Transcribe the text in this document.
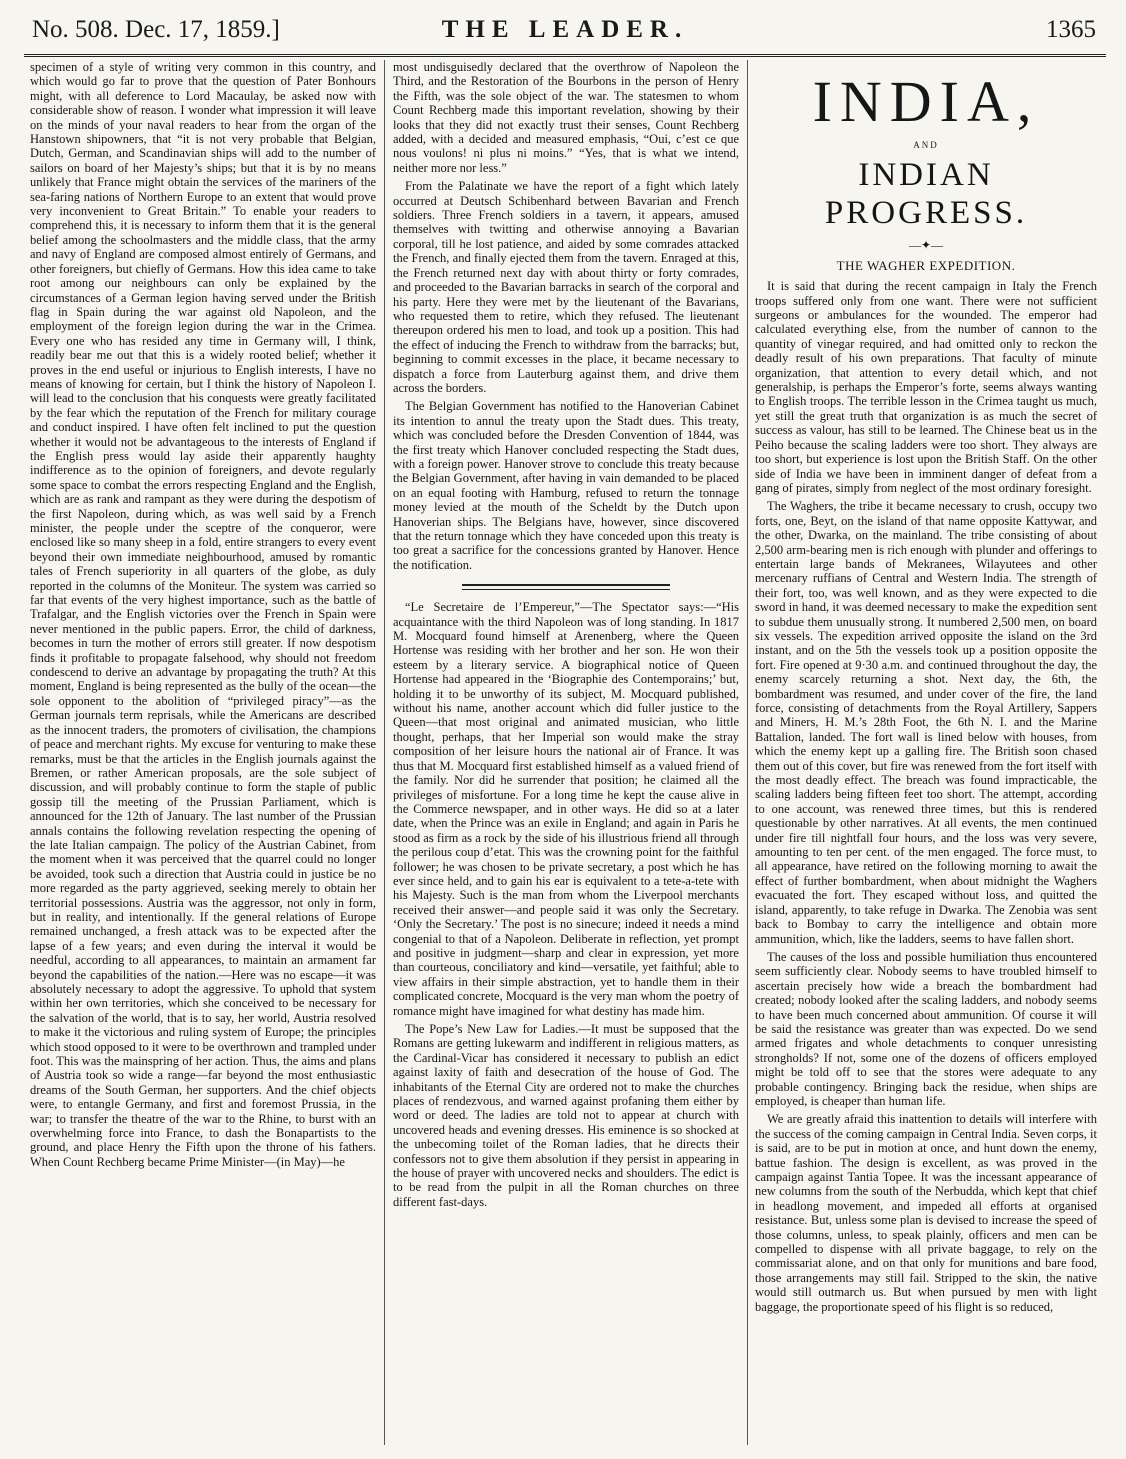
No. 508. Dec. 17, 1859.]	THE LEADER.	1365

specimen of a style of writing very common in this country, and which would go far to prove that the question of Pater Bonhours might, with all deference to Lord Macaulay, be asked now with considerable show of reason. I wonder what impression it will leave on the minds of your naval readers to hear from the organ of the Hanstown shipowners, that “it is not very probable that Belgian, Dutch, German, and Scandinavian ships will add to the number of sailors on board of her Majesty’s ships; but that it is by no means unlikely that France might obtain the services of the mariners of the sea-faring nations of Northern Europe to an extent that would prove very inconvenient to Great Britain.” To enable your readers to comprehend this, it is necessary to inform them that it is the general belief among the schoolmasters and the middle class, that the army and navy of England are composed almost entirely of Germans, and other foreigners, but chiefly of Germans. How this idea came to take root among our neighbours can only be explained by the circumstances of a German legion having served under the British flag in Spain during the war against old Napoleon, and the employment of the foreign legion during the war in the Crimea. Every one who has resided any time in Germany will, I think, readily bear me out that this is a widely rooted belief; whether it proves in the end useful or injurious to English interests, I have no means of knowing for certain, but I think the history of Napoleon I. will lead to the conclusion that his conquests were greatly facilitated by the fear which the reputation of the French for military courage and conduct inspired. I have often felt inclined to put the question whether it would not be advantageous to the interests of England if the English press would lay aside their apparently haughty indifference as to the opinion of foreigners, and devote regularly some space to combat the errors respecting England and the English, which are as rank and rampant as they were during the despotism of the first Napoleon, during which, as was well said by a French minister, the people under the sceptre of the conqueror, were enclosed like so many sheep in a fold, entire strangers to every event beyond their own immediate neighbourhood, amused by romantic tales of French superiority in all quarters of the globe, as duly reported in the columns of the Moniteur. The system was carried so far that events of the very highest importance, such as the battle of Trafalgar, and the English victories over the French in Spain were never mentioned in the public papers. Error, the child of darkness, becomes in turn the mother of errors still greater. If now despotism finds it profitable to propagate falsehood, why should not freedom condescend to derive an advantage by propagating the truth? At this moment, England is being represented as the bully of the ocean—the sole opponent to the abolition of “privileged piracy”—as the German journals term reprisals, while the Americans are described as the innocent traders, the promoters of civilisation, the champions of peace and merchant rights. My excuse for venturing to make these remarks, must be that the articles in the English journals against the Bremen, or rather American proposals, are the sole subject of discussion, and will probably continue to form the staple of public gossip till the meeting of the Prussian Parliament, which is announced for the 12th of January. The last number of the Prussian annals contains the following revelation respecting the opening of the late Italian campaign. The policy of the Austrian Cabinet, from the moment when it was perceived that the quarrel could no longer be avoided, took such a direction that Austria could in justice be no more regarded as the party aggrieved, seeking merely to obtain her territorial possessions. Austria was the aggressor, not only in form, but in reality, and intentionally. If the general relations of Europe remained unchanged, a fresh attack was to be expected after the lapse of a few years; and even during the interval it would be needful, according to all appearances, to maintain an armament far beyond the capabilities of the nation.—Here was no escape—it was absolutely necessary to adopt the aggressive. To uphold that system within her own territories, which she conceived to be necessary for the salvation of the world, that is to say, her world, Austria resolved to make it the victorious and ruling system of Europe; the principles which stood opposed to it were to be overthrown and trampled under foot. This was the mainspring of her action. Thus, the aims and plans of Austria took so wide a range—far beyond the most enthusiastic dreams of the South German, her supporters. And the chief objects were, to entangle Germany, and first and foremost Prussia, in the war; to transfer the theatre of the war to the Rhine, to burst with an overwhelming force into France, to dash the Bonapartists to the ground, and place Henry the Fifth upon the throne of his fathers. When Count Rechberg became Prime Minister—(in May)—he

most undisguisedly declared that the overthrow of Napoleon the Third, and the Restoration of the Bourbons in the person of Henry the Fifth, was the sole object of the war. The statesmen to whom Count Rechberg made this important revelation, showing by their looks that they did not exactly trust their senses, Count Rechberg added, with a decided and measured emphasis, “Oui, c’est ce que nous voulons! ni plus ni moins.” “Yes, that is what we intend, neither more nor less.”

From the Palatinate we have the report of a fight which lately occurred at Deutsch Schibenhard between Bavarian and French soldiers. Three French soldiers in a tavern, it appears, amused themselves with twitting and otherwise annoying a Bavarian corporal, till he lost patience, and aided by some comrades attacked the French, and finally ejected them from the tavern. Enraged at this, the French returned next day with about thirty or forty comrades, and proceeded to the Bavarian barracks in search of the corporal and his party. Here they were met by the lieutenant of the Bavarians, who requested them to retire, which they refused. The lieutenant thereupon ordered his men to load, and took up a position. This had the effect of inducing the French to withdraw from the barracks; but, beginning to commit excesses in the place, it became necessary to dispatch a force from Lauterburg against them, and drive them across the borders.

The Belgian Government has notified to the Hanoverian Cabinet its intention to annul the treaty upon the Stadt dues. This treaty, which was concluded before the Dresden Convention of 1844, was the first treaty which Hanover concluded respecting the Stadt dues, with a foreign power. Hanover strove to conclude this treaty because the Belgian Government, after having in vain demanded to be placed on an equal footing with Hamburg, refused to return the tonnage money levied at the mouth of the Scheldt by the Dutch upon Hanoverian ships. The Belgians have, however, since discovered that the return tonnage which they have conceded upon this treaty is too great a sacrifice for the concessions granted by Hanover. Hence the notification.

“Le Secretaire de l’Empereur,”—The Spectator says:—“His acquaintance with the third Napoleon was of long standing. In 1817 M. Mocquard found himself at Arenenberg, where the Queen Hortense was residing with her brother and her son. He won their esteem by a literary service. A biographical notice of Queen Hortense had appeared in the ‘Biographie des Contemporains;’ but, holding it to be unworthy of its subject, M. Mocquard published, without his name, another account which did fuller justice to the Queen—that most original and animated musician, who little thought, perhaps, that her Imperial son would make the stray composition of her leisure hours the national air of France. It was thus that M. Mocquard first established himself as a valued friend of the family. Nor did he surrender that position; he claimed all the privileges of misfortune. For a long time he kept the cause alive in the Commerce newspaper, and in other ways. He did so at a later date, when the Prince was an exile in England; and again in Paris he stood as firm as a rock by the side of his illustrious friend all through the perilous coup d’etat. This was the crowning point for the faithful follower; he was chosen to be private secretary, a post which he has ever since held, and to gain his ear is equivalent to a tete-a-tete with his Majesty. Such is the man from whom the Liverpool merchants received their answer—and people said it was only the Secretary. ‘Only the Secretary.’ The post is no sinecure; indeed it needs a mind congenial to that of a Napoleon. Deliberate in reflection, yet prompt and positive in judgment—sharp and clear in expression, yet more than courteous, conciliatory and kind—versatile, yet faithful; able to view affairs in their simple abstraction, yet to handle them in their complicated concrete, Mocquard is the very man whom the poetry of romance might have imagined for what destiny has made him.

The Pope’s New Law for Ladies.—It must be supposed that the Romans are getting lukewarm and indifferent in religious matters, as the Cardinal-Vicar has considered it necessary to publish an edict against laxity of faith and desecration of the house of God. The inhabitants of the Eternal City are ordered not to make the churches places of rendezvous, and warned against profaning them either by word or deed. The ladies are told not to appear at church with uncovered heads and evening dresses. His eminence is so shocked at the unbecoming toilet of the Roman ladies, that he directs their confessors not to give them absolution if they persist in appearing in the house of prayer with uncovered necks and shoulders. The edict is to be read from the pulpit in all the Roman churches on three different fast-days.

INDIA,
AND
INDIAN PROGRESS.
—✦—
THE WAGHER EXPEDITION.

It is said that during the recent campaign in Italy the French troops suffered only from one want. There were not sufficient surgeons or ambulances for the wounded. The emperor had calculated everything else, from the number of cannon to the quantity of vinegar required, and had omitted only to reckon the deadly result of his own preparations. That faculty of minute organization, that attention to every detail which, and not generalship, is perhaps the Emperor’s forte, seems always wanting to English troops. The terrible lesson in the Crimea taught us much, yet still the great truth that organization is as much the secret of success as valour, has still to be learned. The Chinese beat us in the Peiho because the scaling ladders were too short. They always are too short, but experience is lost upon the British Staff. On the other side of India we have been in imminent danger of defeat from a gang of pirates, simply from neglect of the most ordinary foresight.

The Waghers, the tribe it became necessary to crush, occupy two forts, one, Beyt, on the island of that name opposite Kattywar, and the other, Dwarka, on the mainland. The tribe consisting of about 2,500 arm-bearing men is rich enough with plunder and offerings to entertain large bands of Mekranees, Wilayutees and other mercenary ruffians of Central and Western India. The strength of their fort, too, was well known, and as they were expected to die sword in hand, it was deemed necessary to make the expedition sent to subdue them unusually strong. It numbered 2,500 men, on board six vessels. The expedition arrived opposite the island on the 3rd instant, and on the 5th the vessels took up a position opposite the fort. Fire opened at 9·30 a.m. and continued throughout the day, the enemy scarcely returning a shot. Next day, the 6th, the bombardment was resumed, and under cover of the fire, the land force, consisting of detachments from the Royal Artillery, Sappers and Miners, H. M.’s 28th Foot, the 6th N. I. and the Marine Battalion, landed. The fort wall is lined below with houses, from which the enemy kept up a galling fire. The British soon chased them out of this cover, but fire was renewed from the fort itself with the most deadly effect. The breach was found impracticable, the scaling ladders being fifteen feet too short. The attempt, according to one account, was renewed three times, but this is rendered questionable by other narratives. At all events, the men continued under fire till nightfall four hours, and the loss was very severe, amounting to ten per cent. of the men engaged. The force must, to all appearance, have retired on the following morning to await the effect of further bombardment, when about midnight the Waghers evacuated the fort. They escaped without loss, and quitted the island, apparently, to take refuge in Dwarka. The Zenobia was sent back to Bombay to carry the intelligence and obtain more ammunition, which, like the ladders, seems to have fallen short.

The causes of the loss and possible humiliation thus encountered seem sufficiently clear. Nobody seems to have troubled himself to ascertain precisely how wide a breach the bombardment had created; nobody looked after the scaling ladders, and nobody seems to have been much concerned about ammunition. Of course it will be said the resistance was greater than was expected. Do we send armed frigates and whole detachments to conquer unresisting strongholds? If not, some one of the dozens of officers employed might be told off to see that the stores were adequate to any probable contingency. Bringing back the residue, when ships are employed, is cheaper than human life.

We are greatly afraid this inattention to details will interfere with the success of the coming campaign in Central India. Seven corps, it is said, are to be put in motion at once, and hunt down the enemy, battue fashion. The design is excellent, as was proved in the campaign against Tantia Topee. It was the incessant appearance of new columns from the south of the Nerbudda, which kept that chief in headlong movement, and impeded all efforts at organised resistance. But, unless some plan is devised to increase the speed of those columns, unless, to speak plainly, officers and men can be compelled to dispense with all private baggage, to rely on the commissariat alone, and on that only for munitions and bare food, those arrangements may still fail. Stripped to the skin, the native would still outmarch us. But when pursued by men with light baggage, the proportionate speed of his flight is so reduced,
